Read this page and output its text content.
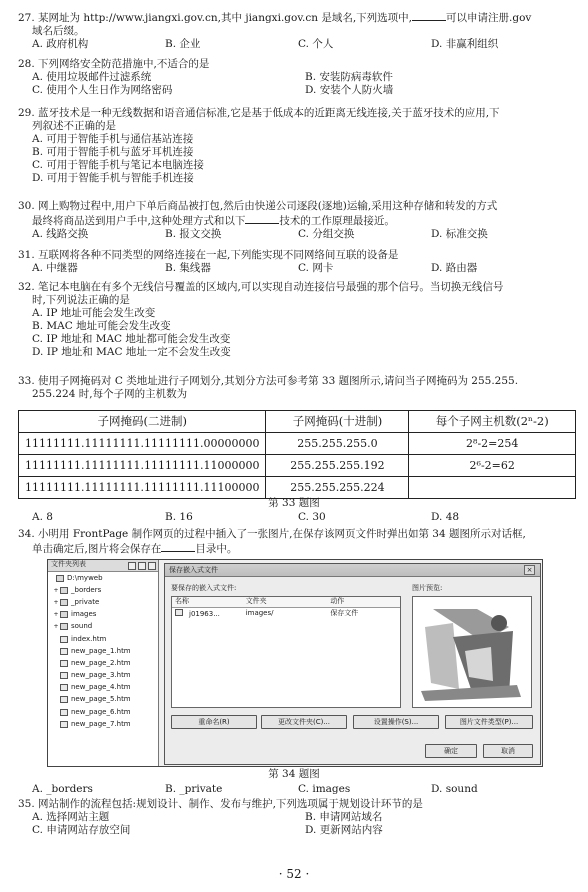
27. 某网址为 http://www.jiangxi.gov.cn,其中 jiangxi.gov.cn 是域名,下列选项中,	可以申请注册.gov
域名后缀。
A. 政府机构	B. 企业	C. 个人	D. 非赢利组织
28. 下列网络安全防范措施中,不适合的是
A. 使用垃圾邮件过滤系统	B. 安装防病毒软件
C. 使用个人生日作为网络密码	D. 安装个人防火墙
29. 蓝牙技术是一种无线数据和语音通信标准,它是基于低成本的近距离无线连接,关于蓝牙技术的应用,下
列叙述不正确的是
A. 可用于智能手机与通信基站连接
B. 可用于智能手机与蓝牙耳机连接
C. 可用于智能手机与笔记本电脑连接
D. 可用于智能手机与智能手机连接
30. 网上购物过程中,用户下单后商品被打包,然后由快递公司逐段(逐地)运输,采用这种存储和转发的方式
最终将商品送到用户手中,这种处理方式和以下	技术的工作原理最接近。
A. 线路交换	B. 报文交换	C. 分组交换	D. 标准交换
31. 互联网将各种不同类型的网络连接在一起,下列能实现不同网络间互联的设备是
A. 中继器	B. 集线器	C. 网卡	D. 路由器
32. 笔记本电脑在有多个无线信号覆盖的区域内,可以实现自动连接信号最强的那个信号。当切换无线信号
时,下列说法正确的是
A. IP 地址可能会发生改变
B. MAC 地址可能会发生改变
C. IP 地址和 MAC 地址都可能会发生改变
D. IP 地址和 MAC 地址一定不会发生改变
33. 使用子网掩码对 C 类地址进行子网划分,其划分方法可参考第 33 题图所示,请问当子网掩码为 255.255.
255.224 时,每个子网的主机数为
子网掩码(二进制)	子网掩码(十进制)	每个子网主机数(2ⁿ-2)
11111111.11111111.11111111.00000000	255.255.255.0	2⁸-2=254
11111111.11111111.11111111.11000000	255.255.255.192	2⁶-2=62
11111111.11111111.11111111.11100000	255.255.255.224	
第 33 题图
A. 8	B. 16	C. 30	D. 48
34. 小明用 FrontPage 制作网页的过程中插入了一张图片,在保存该网页文件时弹出如第 34 题图所示对话框,
单击确定后,图片将会保存在	目录中。
文件夹列表
D:\myweb
+ _borders
+ _private
+ images
+ sound
index.htm
new_page_1.htm
new_page_2.htm
new_page_3.htm
new_page_4.htm
new_page_5.htm
new_page_6.htm
new_page_7.htm
保存嵌入式文件	×
要保存的嵌入式文件:	图片预览:
名称	文件夹	动作
j01963...	images/	保存文件
重命名(R)	更改文件夹(C)...	设置操作(S)...	图片文件类型(P)...
确定	取消
第 34 题图
A. _borders	B. _private	C. images	D. sound
35. 网站制作的流程包括:规划设计、制作、发布与维护,下列选项属于规划设计环节的是
A. 选择网站主题	B. 申请网站域名
C. 申请网站存放空间	D. 更新网站内容
· 52 ·
